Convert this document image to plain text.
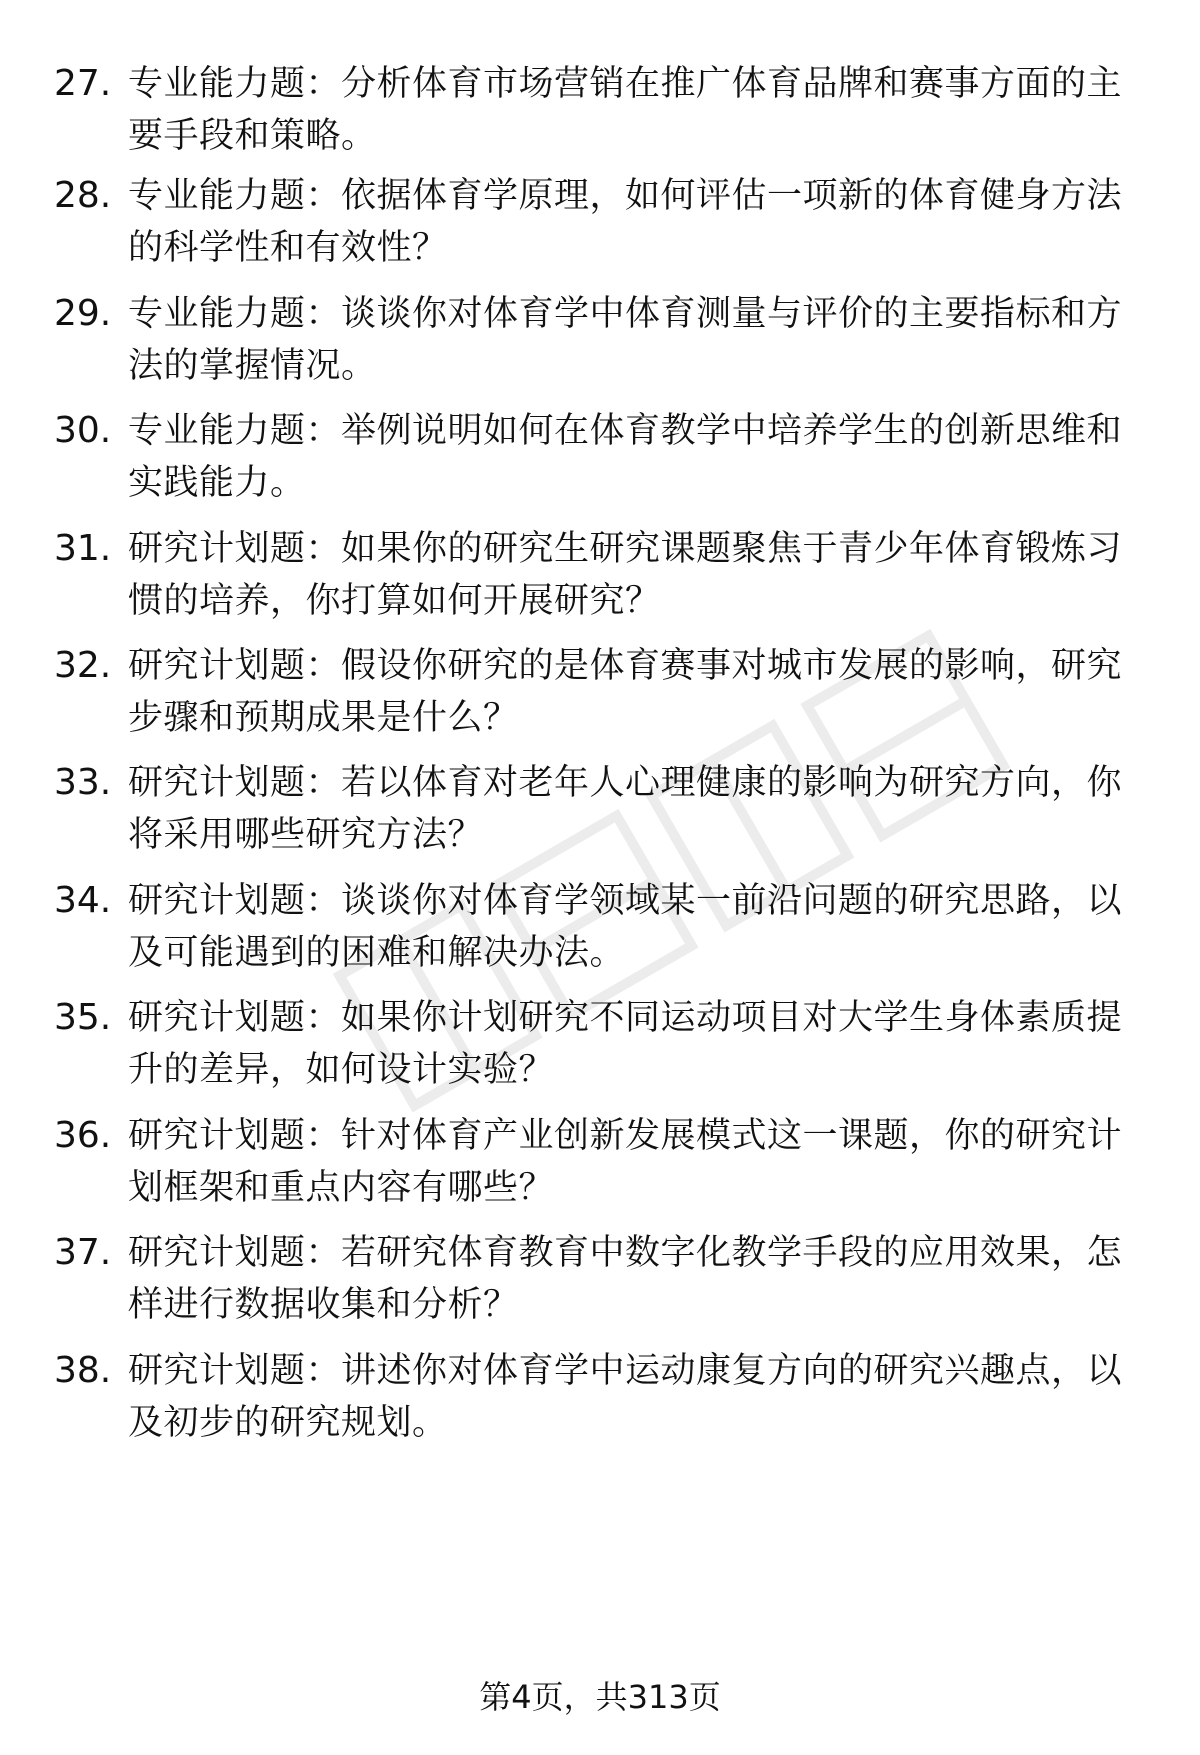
27. 专业能力题：分析体育市场营销在推广体育品牌和赛事方面的主要手段和策略。
28. 专业能力题：依据体育学原理，如何评估一项新的体育健身方法的科学性和有效性？
29. 专业能力题：谈谈你对体育学中体育测量与评价的主要指标和方法的掌握情况。
30. 专业能力题：举例说明如何在体育教学中培养学生的创新思维和实践能力。
31. 研究计划题：如果你的研究生研究课题聚焦于青少年体育锻炼习惯的培养，你打算如何开展研究？
32. 研究计划题：假设你研究的是体育赛事对城市发展的影响，研究步骤和预期成果是什么？
33. 研究计划题：若以体育对老年人心理健康的影响为研究方向，你将采用哪些研究方法？
34. 研究计划题：谈谈你对体育学领域某一前沿问题的研究思路，以及可能遇到的困难和解决办法。
35. 研究计划题：如果你计划研究不同运动项目对大学生身体素质提升的差异，如何设计实验？
36. 研究计划题：针对体育产业创新发展模式这一课题，你的研究计划框架和重点内容有哪些？
37. 研究计划题：若研究体育教育中数字化教学手段的应用效果，怎样进行数据收集和分析？
38. 研究计划题：讲述你对体育学中运动康复方向的研究兴趣点，以及初步的研究规划。
第4页，共313页
